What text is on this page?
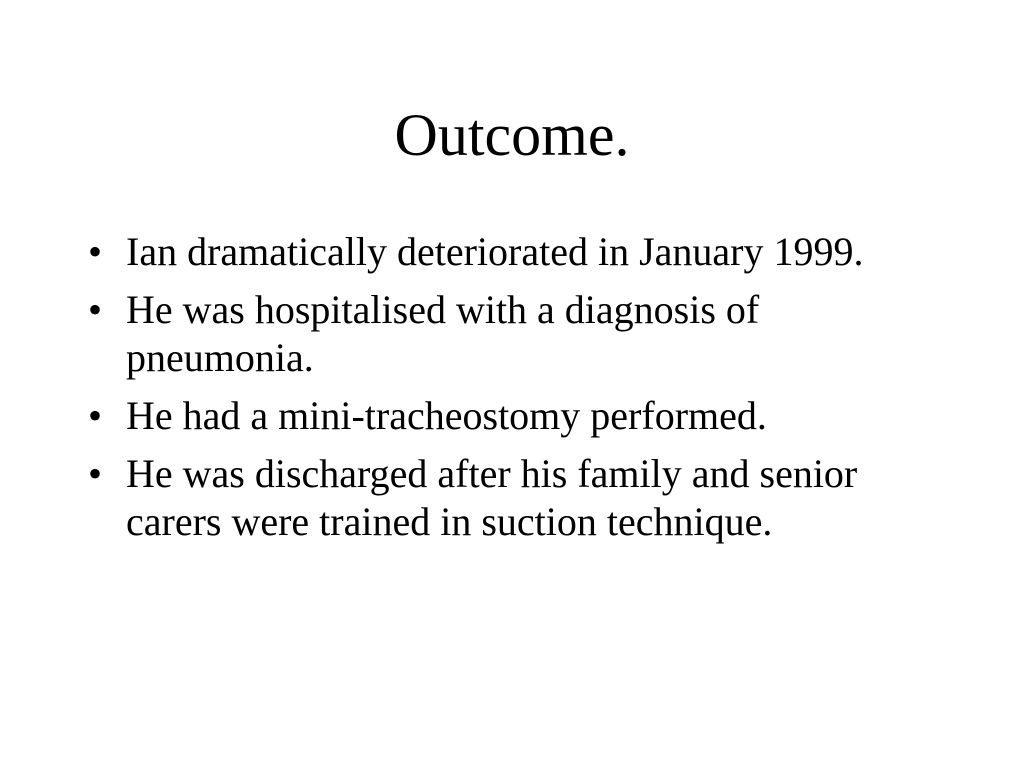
Outcome.
• Ian dramatically deteriorated in January 1999.
• He was hospitalised with a diagnosis of pneumonia.
• He had a mini-tracheostomy performed.
• He was discharged after his family and senior carers were trained in suction technique.
